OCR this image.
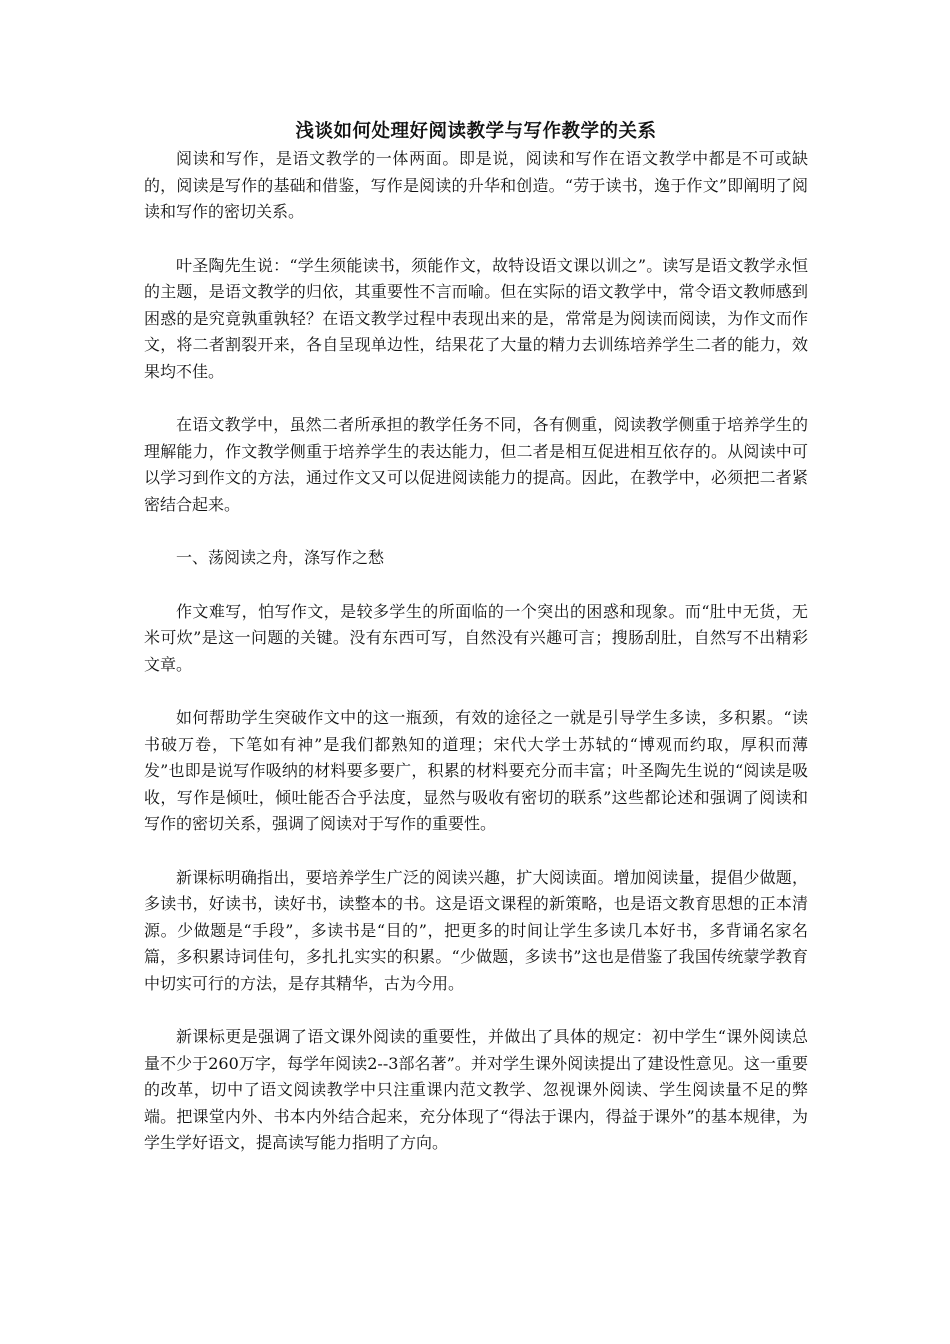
浅谈如何处理好阅读教学与写作教学的关系

阅读和写作，是语文教学的一体两面。即是说，阅读和写作在语文教学中都是不可或缺的，阅读是写作的基础和借鉴，写作是阅读的升华和创造。“劳于读书，逸于作文”即阐明了阅读和写作的密切关系。

叶圣陶先生说：“学生须能读书，须能作文，故特设语文课以训之”。读写是语文教学永恒的主题，是语文教学的归依，其重要性不言而喻。但在实际的语文教学中，常令语文教师感到困惑的是究竟孰重孰轻？在语文教学过程中表现出来的是，常常是为阅读而阅读，为作文而作文，将二者割裂开来，各自呈现单边性，结果花了大量的精力去训练培养学生二者的能力，效果均不佳。

在语文教学中，虽然二者所承担的教学任务不同，各有侧重，阅读教学侧重于培养学生的理解能力，作文教学侧重于培养学生的表达能力，但二者是相互促进相互依存的。从阅读中可以学习到作文的方法，通过作文又可以促进阅读能力的提高。因此，在教学中，必须把二者紧密结合起来。

一、荡阅读之舟，涤写作之愁

作文难写，怕写作文，是较多学生的所面临的一个突出的困惑和现象。而“肚中无货，无米可炊”是这一问题的关键。没有东西可写，自然没有兴趣可言；搜肠刮肚，自然写不出精彩文章。

如何帮助学生突破作文中的这一瓶颈，有效的途径之一就是引导学生多读，多积累。“读书破万卷，下笔如有神”是我们都熟知的道理；宋代大学士苏轼的“博观而约取，厚积而薄发”也即是说写作吸纳的材料要多要广，积累的材料要充分而丰富；叶圣陶先生说的“阅读是吸收，写作是倾吐，倾吐能否合乎法度，显然与吸收有密切的联系”这些都论述和强调了阅读和写作的密切关系，强调了阅读对于写作的重要性。

新课标明确指出，要培养学生广泛的阅读兴趣，扩大阅读面。增加阅读量，提倡少做题，多读书，好读书，读好书，读整本的书。这是语文课程的新策略，也是语文教育思想的正本清源。少做题是“手段”，多读书是“目的”，把更多的时间让学生多读几本好书，多背诵名家名篇，多积累诗词佳句，多扎扎实实的积累。“少做题，多读书”这也是借鉴了我国传统蒙学教育中切实可行的方法，是存其精华，古为今用。

新课标更是强调了语文课外阅读的重要性，并做出了具体的规定：初中学生“课外阅读总量不少于260万字，每学年阅读2--3部名著”。并对学生课外阅读提出了建设性意见。这一重要的改革，切中了语文阅读教学中只注重课内范文教学、忽视课外阅读、学生阅读量不足的弊端。把课堂内外、书本内外结合起来，充分体现了“得法于课内，得益于课外”的基本规律，为学生学好语文，提高读写能力指明了方向。
